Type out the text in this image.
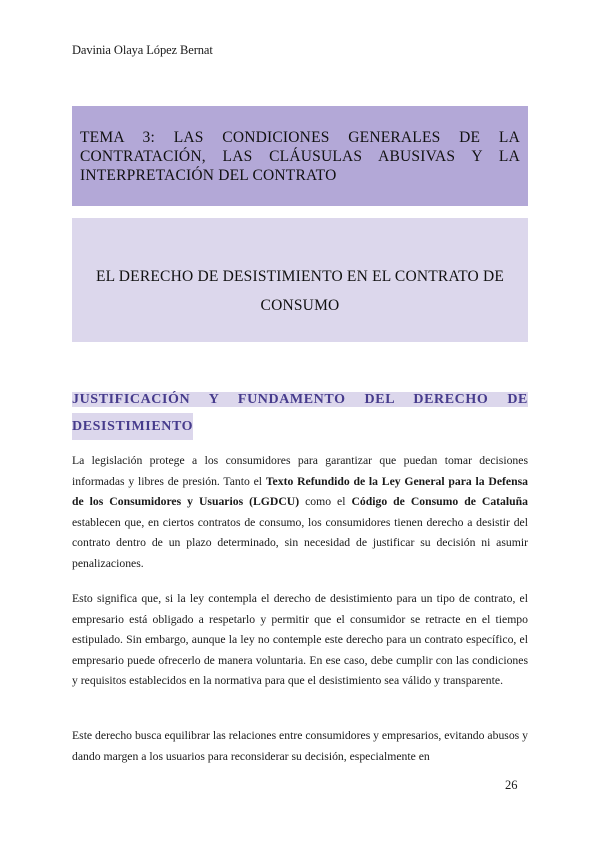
Davinia Olaya López Bernat
TEMA 3: LAS CONDICIONES GENERALES DE LA CONTRATACIÓN, LAS CLÁUSULAS ABUSIVAS Y LA INTERPRETACIÓN DEL CONTRATO
EL DERECHO DE DESISTIMIENTO EN EL CONTRATO DE CONSUMO
JUSTIFICACIÓN Y FUNDAMENTO DEL DERECHO DE
DESISTIMIENTO

La legislación protege a los consumidores para garantizar que puedan tomar decisiones informadas y libres de presión. Tanto el Texto Refundido de la Ley General para la Defensa de los Consumidores y Usuarios (LGDCU) como el Código de Consumo de Cataluña establecen que, en ciertos contratos de consumo, los consumidores tienen derecho a desistir del contrato dentro de un plazo determinado, sin necesidad de justificar su decisión ni asumir penalizaciones.

Esto significa que, si la ley contempla el derecho de desistimiento para un tipo de contrato, el empresario está obligado a respetarlo y permitir que el consumidor se retracte en el tiempo estipulado. Sin embargo, aunque la ley no contemple este derecho para un contrato específico, el empresario puede ofrecerlo de manera voluntaria. En ese caso, debe cumplir con las condiciones y requisitos establecidos en la normativa para que el desistimiento sea válido y transparente.

Este derecho busca equilibrar las relaciones entre consumidores y empresarios, evitando abusos y dando margen a los usuarios para reconsiderar su decisión, especialmente en

26
